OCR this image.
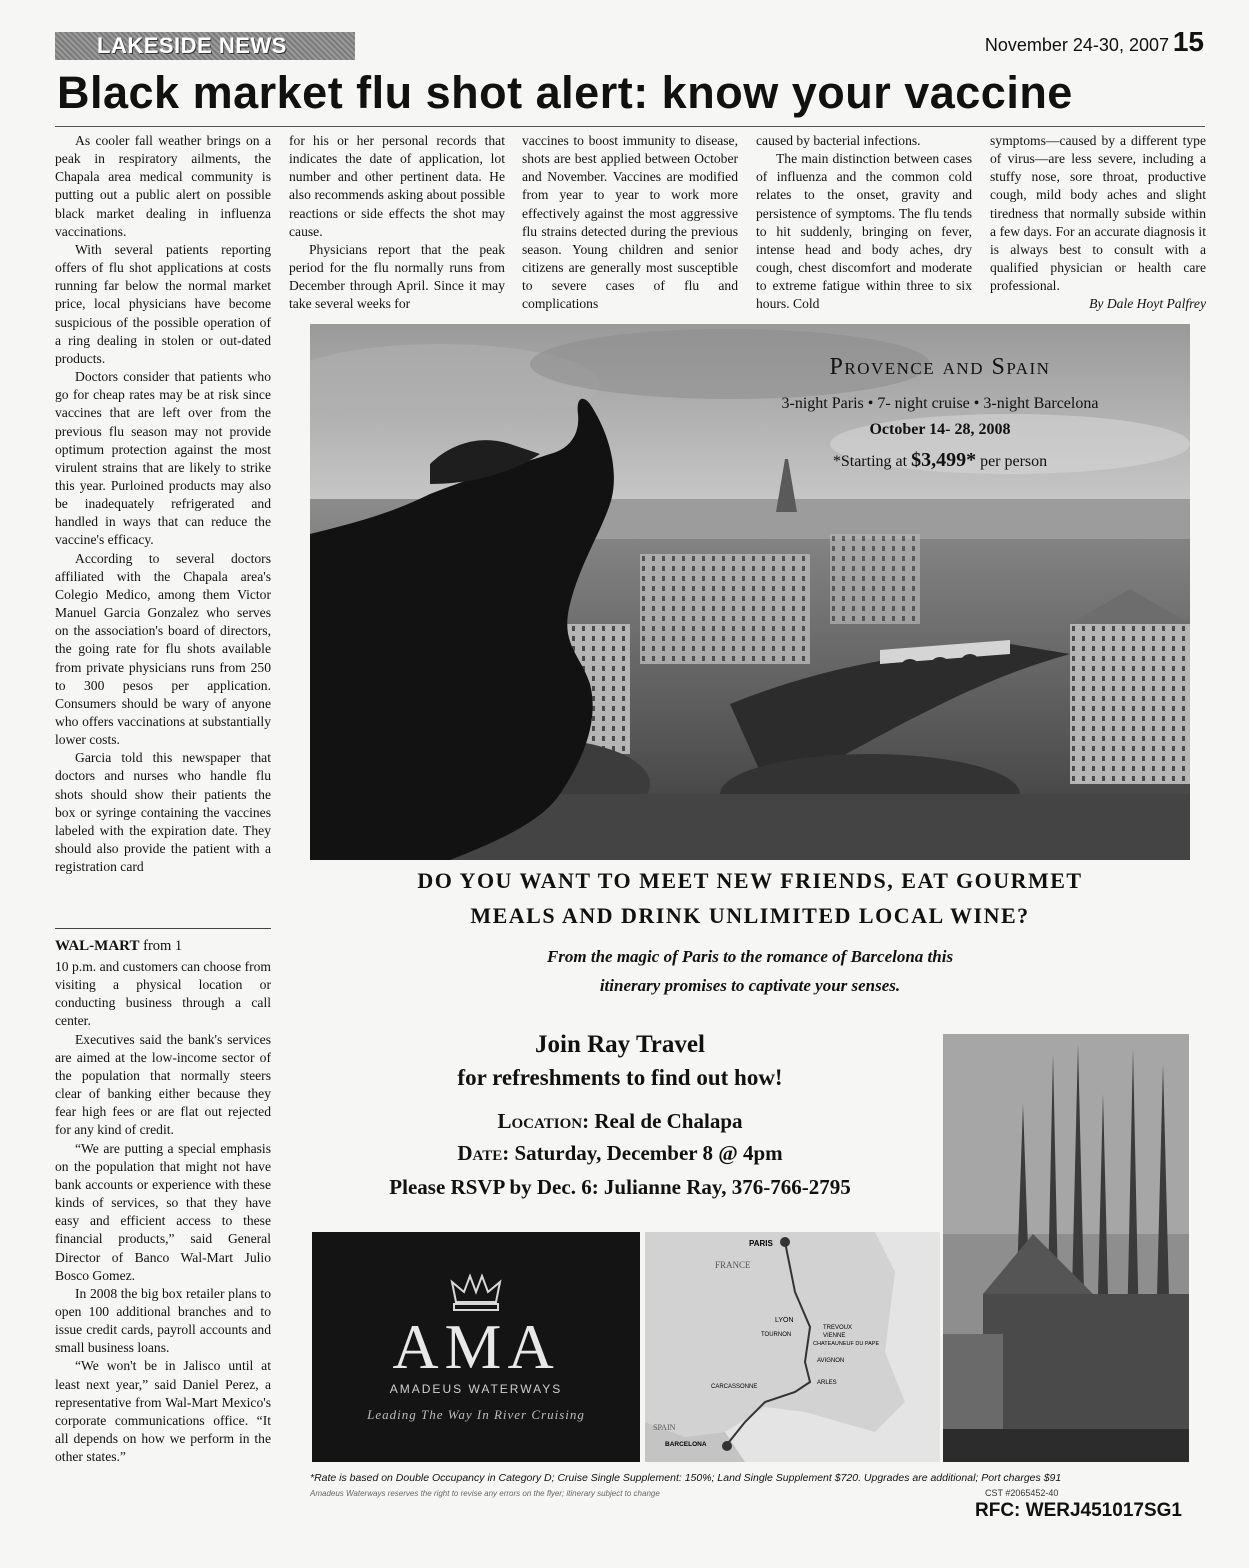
LAKESIDE NEWS	November 24-30, 2007 15
Black market flu shot alert: know your vaccine

As cooler fall weather brings on a peak in respiratory ailments, the Chapala area medical community is putting out a public alert on possible black market dealing in influenza vaccinations.

With several patients reporting offers of flu shot applications at costs running far below the normal market price, local physicians have become suspicious of the possible operation of a ring dealing in stolen or out-dated products.

Doctors consider that patients who go for cheap rates may be at risk since vaccines that are left over from the previous flu season may not provide optimum protection against the most virulent strains that are likely to strike this year. Purloined products may also be inadequately refrigerated and handled in ways that can reduce the vaccine's efficacy.

According to several doctors affiliated with the Chapala area's Colegio Medico, among them Victor Manuel Garcia Gonzalez who serves on the association's board of directors, the going rate for flu shots available from private physicians runs from 250 to 300 pesos per application. Consumers should be wary of anyone who offers vaccinations at substantially lower costs.

Garcia told this newspaper that doctors and nurses who handle flu shots should show their patients the box or syringe containing the vaccines labeled with the expiration date. They should also provide the patient with a registration card

for his or her personal records that indicates the date of application, lot number and other pertinent data. He also recommends asking about possible reactions or side effects the shot may cause.

Physicians report that the peak period for the flu normally runs from December through April. Since it may take several weeks for

vaccines to boost immunity to disease, shots are best applied between October and November. Vaccines are modified from year to year to work more effectively against the most aggressive flu strains detected during the previous season. Young children and senior citizens are generally most susceptible to severe cases of flu and complications

caused by bacterial infections.

The main distinction between cases of influenza and the common cold relates to the onset, gravity and persistence of symptoms. The flu tends to hit suddenly, bringing on fever, intense head and body aches, dry cough, chest discomfort and moderate to extreme fatigue within three to six hours. Cold

symptoms—caused by a different type of virus—are less severe, including a stuffy nose, sore throat, productive cough, mild body aches and slight tiredness that normally subside within a few days. For an accurate diagnosis it is always best to consult with a qualified physician or health care professional.

By Dale Hoyt Palfrey

WAL-MART from 1

10 p.m. and customers can choose from visiting a physical location or conducting business through a call center.

Executives said the bank's services are aimed at the low-income sector of the population that normally steers clear of banking either because they fear high fees or are flat out rejected for any kind of credit.

“We are putting a special emphasis on the population that might not have bank accounts or experience with these kinds of services, so that they have easy and efficient access to these financial products,” said General Director of Banco Wal-Mart Julio Bosco Gomez.

In 2008 the big box retailer plans to open 100 additional branches and to issue credit cards, payroll accounts and small business loans.

“We won't be in Jalisco until at least next year,” said Daniel Perez, a representative from Wal-Mart Mexico's corporate communications office. “It all depends on how we perform in the other states.”

Provence and Spain
3-night Paris • 7- night cruise • 3-night Barcelona
October 14- 28, 2008
*Starting at $3,499* per person
DO YOU WANT TO MEET NEW FRIENDS, EAT GOURMET
MEALS AND DRINK UNLIMITED LOCAL WINE?
From the magic of Paris to the romance of Barcelona this
itinerary promises to captivate your senses.
Join Ray Travel
for refreshments to find out how!
Location: Real de Chalapa
Date: Saturday, December 8 @ 4pm
Please RSVP by Dec. 6: Julianne Ray, 376-766-2795
AMA
AMADEUS WATERWAYS
Leading The Way In River Cruising
PARIS
FRANCE
LYON
TREVOUX
VIENNE
TOURNON
CHATEAUNEUF DU PAPE
AVIGNON
ARLES
CARCASSONNE
SPAIN
BARCELONA
*Rate is based on Double Occupancy in Category D; Cruise Single Supplement: 150%; Land Single Supplement $720. Upgrades are additional; Port charges $91
Amadeus Waterways reserves the right to revise any errors on the flyer; itinerary subject to change	CST #2065452-40
RFC: WERJ451017SG1
